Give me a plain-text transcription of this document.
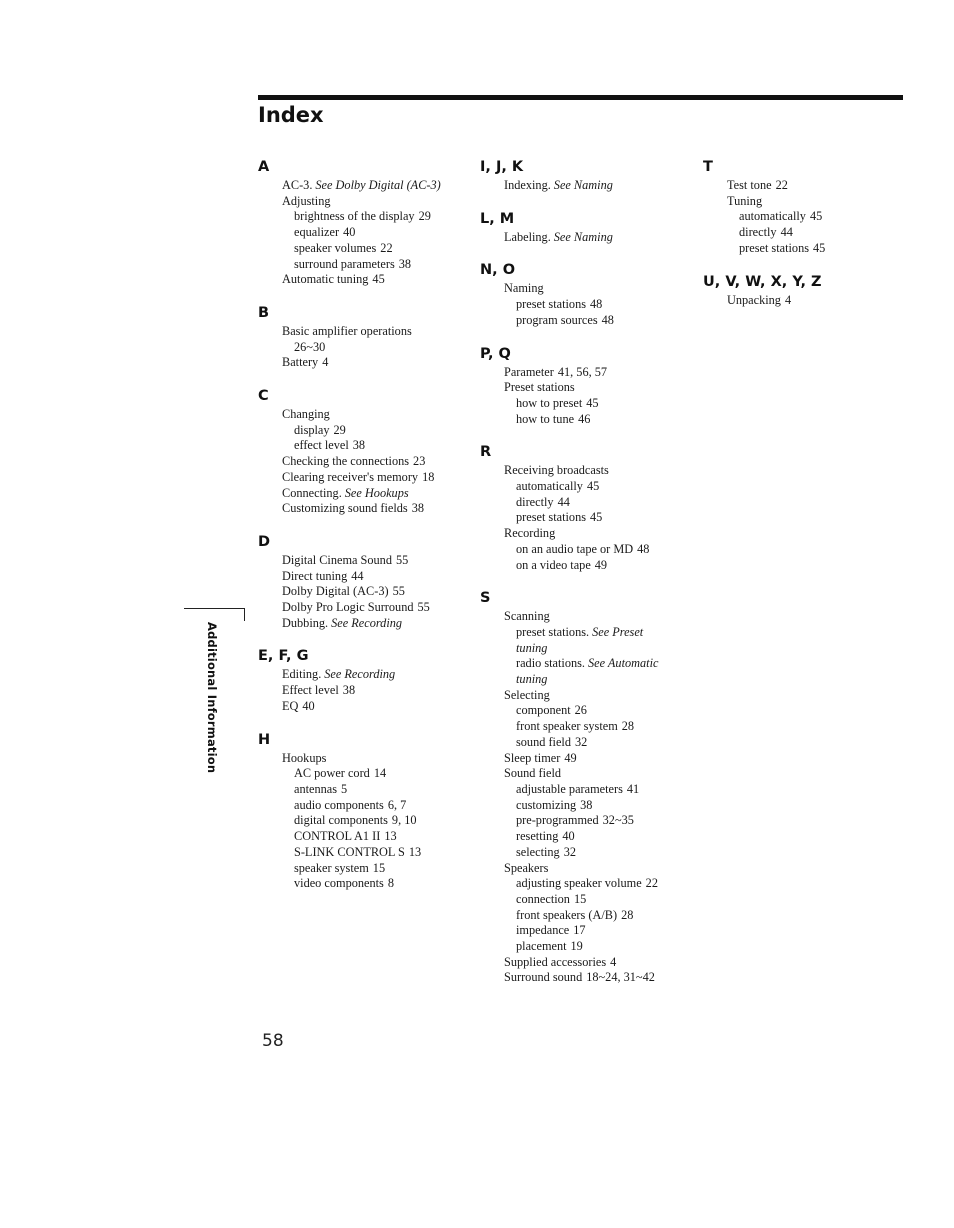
Index
A
AC-3. See Dolby Digital (AC-3)
Adjusting
brightness of the display 29
equalizer 40
speaker volumes 22
surround parameters 38
Automatic tuning 45
B
Basic amplifier operations
26~30
Battery 4
C
Changing
display 29
effect level 38
Checking the connections 23
Clearing receiver's memory 18
Connecting. See Hookups
Customizing sound fields 38
D
Digital Cinema Sound 55
Direct tuning 44
Dolby Digital (AC-3) 55
Dolby Pro Logic Surround 55
Dubbing. See Recording
E, F, G
Editing. See Recording
Effect level 38
EQ 40
H
Hookups
AC power cord 14
antennas 5
audio components 6, 7
digital components 9, 10
CONTROL A1 II 13
S-LINK CONTROL S 13
speaker system 15
video components 8
I, J, K
Indexing. See Naming
L, M
Labeling. See Naming
N, O
Naming
preset stations 48
program sources 48
P, Q
Parameter 41, 56, 57
Preset stations
how to preset 45
how to tune 46
R
Receiving broadcasts
automatically 45
directly 44
preset stations 45
Recording
on an audio tape or MD 48
on a video tape 49
S
Scanning
preset stations. See Preset
tuning
radio stations. See Automatic
tuning
Selecting
component 26
front speaker system 28
sound field 32
Sleep timer 49
Sound field
adjustable parameters 41
customizing 38
pre-programmed 32~35
resetting 40
selecting 32
Speakers
adjusting speaker volume 22
connection 15
front speakers (A/B) 28
impedance 17
placement 19
Supplied accessories 4
Surround sound 18~24, 31~42
T
Test tone 22
Tuning
automatically 45
directly 44
preset stations 45
U, V, W, X, Y, Z
Unpacking 4
Additional Information
58
